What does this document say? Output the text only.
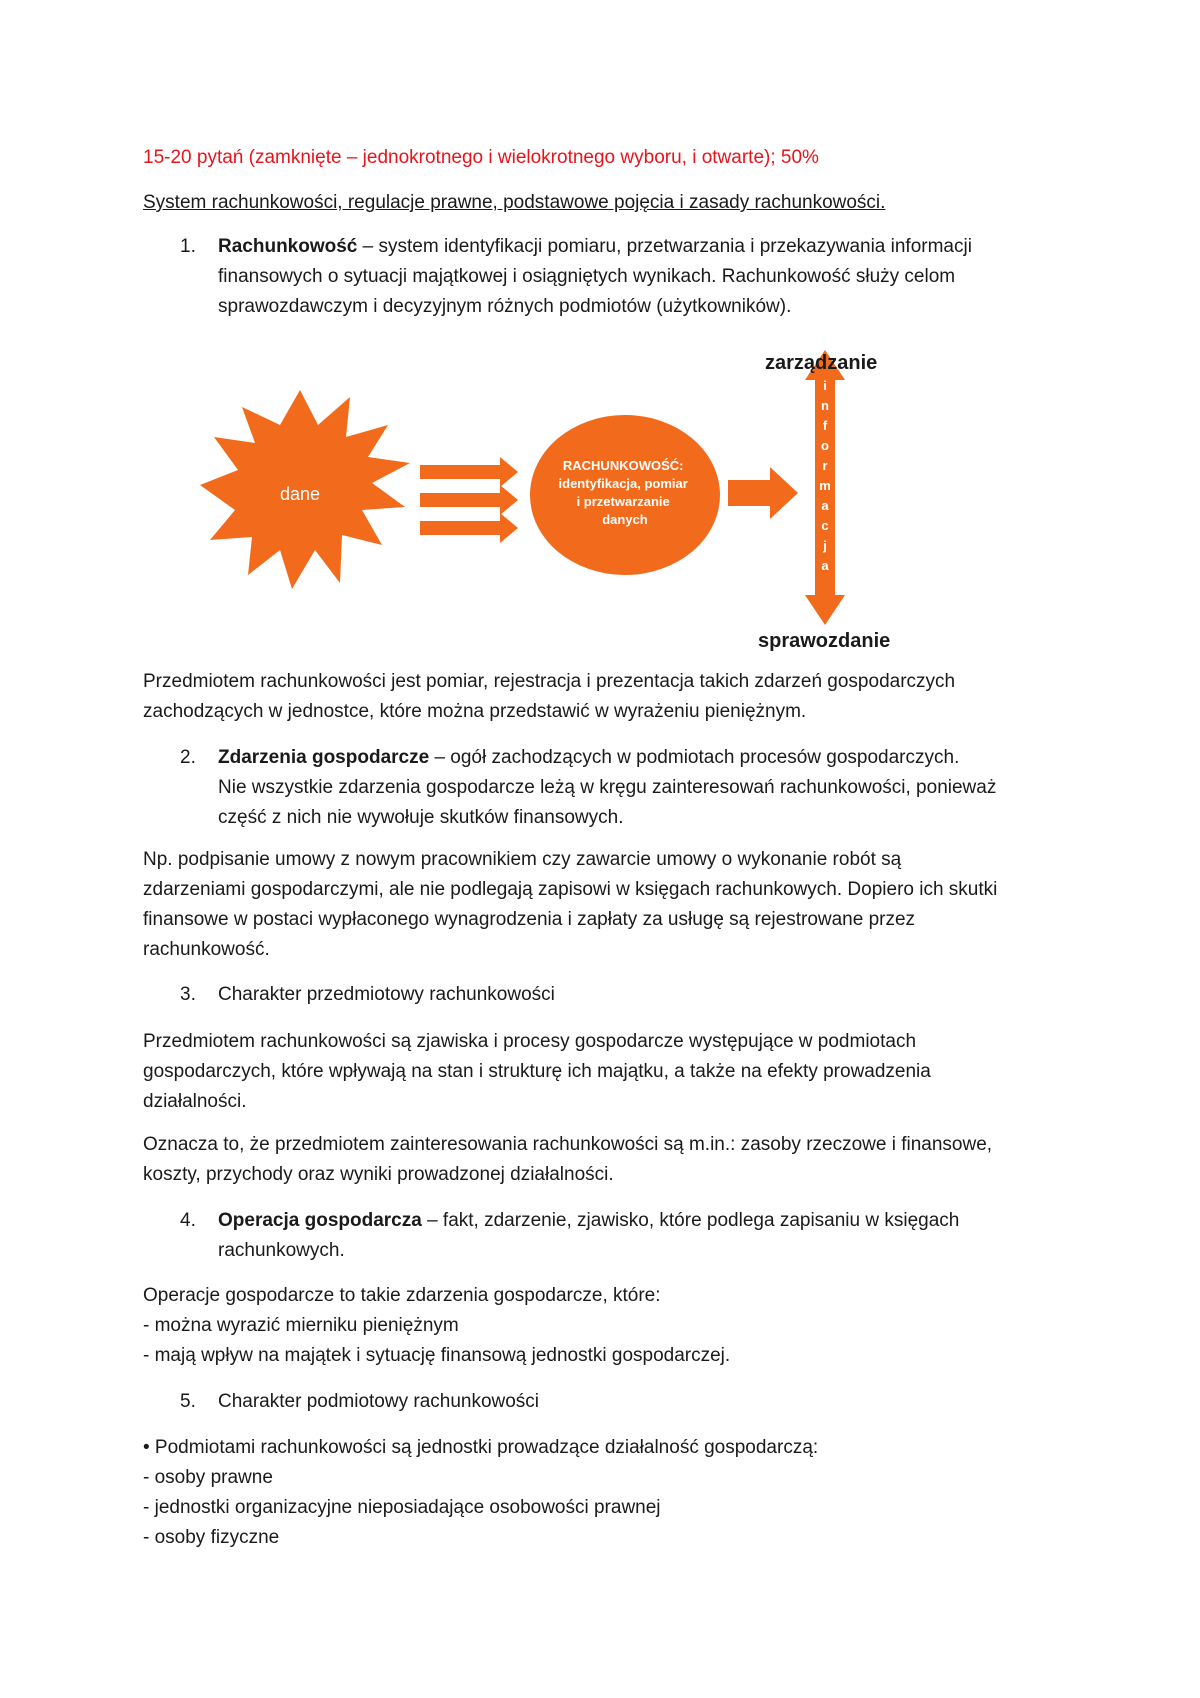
15-20 pytań (zamknięte – jednokrotnego i wielokrotnego wyboru, i otwarte); 50%

System rachunkowości, regulacje prawne, podstawowe pojęcia i zasady rachunkowości.

1. Rachunkowość – system identyfikacji pomiaru, przetwarzania i przekazywania informacji
finansowych o sytuacji majątkowej i osiągniętych wynikach. Rachunkowość służy celom
sprawozdawczym i decyzyjnym różnych podmiotów (użytkowników).

dane
RACHUNKOWOŚĆ: identyfikacja, pomiar i przetwarzanie danych
i
n
f
o
r
m
a
c
j
a
zarządzanie
sprawozdanie

Przedmiotem rachunkowości jest pomiar, rejestracja i prezentacja takich zdarzeń gospodarczych
zachodzących w jednostce, które można przedstawić w wyrażeniu pieniężnym.

2. Zdarzenia gospodarcze – ogół zachodzących w podmiotach procesów gospodarczych.
Nie wszystkie zdarzenia gospodarcze leżą w kręgu zainteresowań rachunkowości, ponieważ
część z nich nie wywołuje skutków finansowych.

Np. podpisanie umowy z nowym pracownikiem czy zawarcie umowy o wykonanie robót są
zdarzeniami gospodarczymi, ale nie podlegają zapisowi w księgach rachunkowych. Dopiero ich skutki
finansowe w postaci wypłaconego wynagrodzenia i zapłaty za usługę są rejestrowane przez
rachunkowość.

3. Charakter przedmiotowy rachunkowości

Przedmiotem rachunkowości są zjawiska i procesy gospodarcze występujące w podmiotach
gospodarczych, które wpływają na stan i strukturę ich majątku, a także na efekty prowadzenia
działalności.

Oznacza to, że przedmiotem zainteresowania rachunkowości są m.in.: zasoby rzeczowe i finansowe,
koszty, przychody oraz wyniki prowadzonej działalności.

4. Operacja gospodarcza – fakt, zdarzenie, zjawisko, które podlega zapisaniu w księgach
rachunkowych.

Operacje gospodarcze to takie zdarzenia gospodarcze, które:
- można wyrazić mierniku pieniężnym
- mają wpływ na majątek i sytuację finansową jednostki gospodarczej.

5. Charakter podmiotowy rachunkowości

• Podmiotami rachunkowości są jednostki prowadzące działalność gospodarczą:
- osoby prawne
- jednostki organizacyjne nieposiadające osobowości prawnej
- osoby fizyczne
